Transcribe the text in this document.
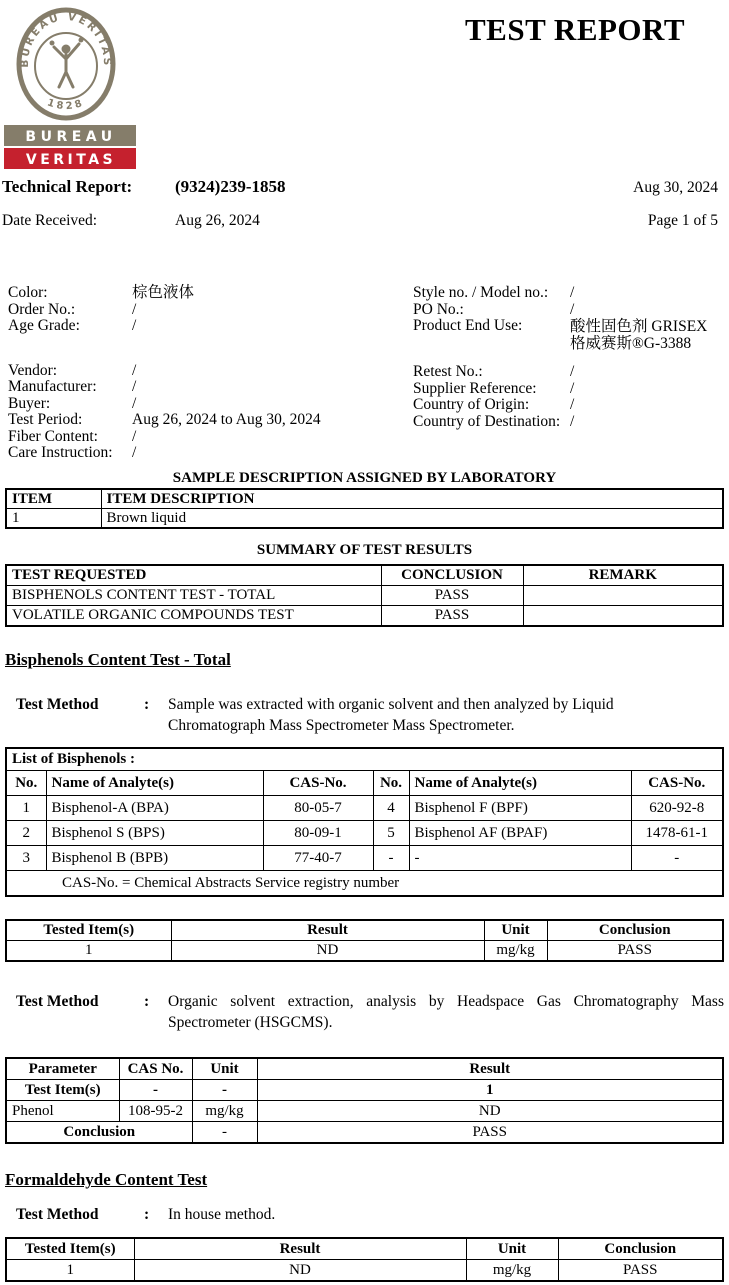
BUREAU VERITAS
1828
BUREAU
VERITAS
TEST REPORT
Technical Report:	(9324)239-1858	Aug 30, 2024
Date Received:	Aug 26, 2024	Page 1 of 5
Color:	棕色液体
Order No.:	/
Age Grade:	/
Vendor:	/
Manufacturer:	/
Buyer:	/
Test Period:	Aug 26, 2024 to Aug 30, 2024
Fiber Content:	/
Care Instruction:	/
Style no. / Model no.:	/
PO No.:	/
Product End Use:	酸性固色剂 GRISEX 格威赛斯®G-3388
Retest No.:	/
Supplier Reference:	/
Country of Origin:	/
Country of Destination: /
SAMPLE DESCRIPTION ASSIGNED BY LABORATORY
ITEM	ITEM DESCRIPTION
1	Brown liquid
SUMMARY OF TEST RESULTS
TEST REQUESTED	CONCLUSION	REMARK
BISPHENOLS CONTENT TEST - TOTAL	PASS	
VOLATILE ORGANIC COMPOUNDS TEST	PASS	
Bisphenols Content Test - Total
Test Method	:	Sample was extracted with organic solvent and then analyzed by Liquid Chromatograph Mass Spectrometer Mass Spectrometer.
List of Bisphenols :					
No.	Name of Analyte(s)	CAS-No.	No.	Name of Analyte(s)	CAS-No.
1	Bisphenol-A (BPA)	80-05-7	4	Bisphenol F (BPF)	620-92-8
2	Bisphenol S (BPS)	80-09-1	5	Bisphenol AF (BPAF)	1478-61-1
3	Bisphenol B (BPB)	77-40-7	-	-	-
CAS-No. = Chemical Abstracts Service registry number					
Tested Item(s)	Result	Unit	Conclusion
1	ND	mg/kg	PASS
Test Method	:	Organic solvent extraction, analysis by Headspace Gas Chromatography Mass Spectrometer (HSGCMS).
Parameter	CAS No.	Unit	Result
Test Item(s)	-	-	1
Phenol	108-95-2	mg/kg	ND
Conclusion		-	PASS
Formaldehyde Content Test
Test Method	:	In house method.
Tested Item(s)	Result	Unit	Conclusion
1	ND	mg/kg	PASS
